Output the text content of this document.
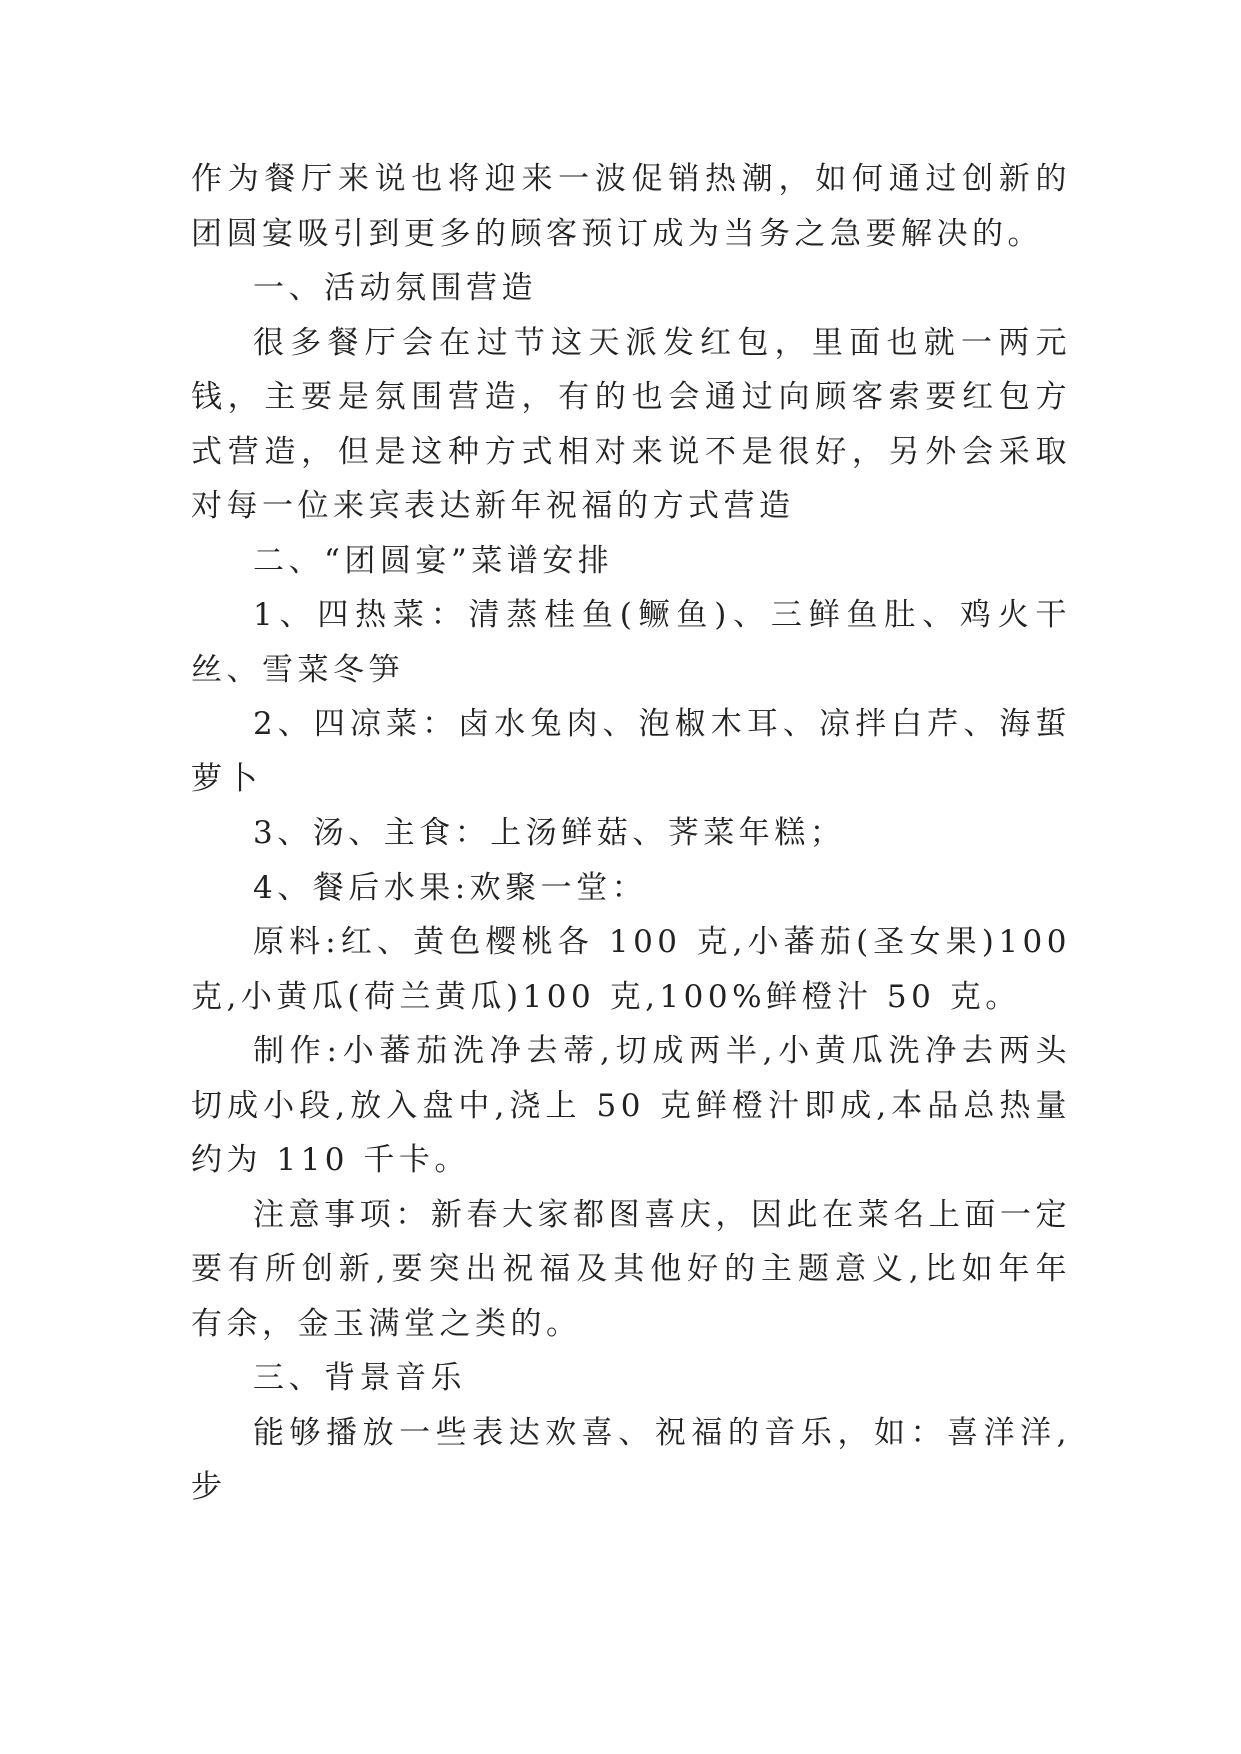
作为餐厅来说也将迎来一波促销热潮，如何通过创新的团圆宴吸引到更多的顾客预订成为当务之急要解决的。

一、活动氛围营造

很多餐厅会在过节这天派发红包，里面也就一两元钱，主要是氛围营造，有的也会通过向顾客索要红包方式营造，但是这种方式相对来说不是很好，另外会采取对每一位来宾表达新年祝福的方式营造

二、“团圆宴”菜谱安排

1、四热菜：清蒸桂鱼(鳜鱼)、三鲜鱼肚、鸡火干丝、雪菜冬笋

2、四凉菜：卤水兔肉、泡椒木耳、凉拌白芹、海蜇萝卜

3、汤、主食：上汤鲜菇、荠菜年糕；

4、餐后水果:欢聚一堂：

原料:红、黄色樱桃各 100 克,小蕃茄(圣女果)100 克,小黄瓜(荷兰黄瓜)100 克,100%鲜橙汁 50 克。

制作:小蕃茄洗净去蒂,切成两半,小黄瓜洗净去两头切成小段,放入盘中,浇上 50 克鲜橙汁即成,本品总热量约为 110 千卡。

注意事项：新春大家都图喜庆，因此在菜名上面一定要有所创新,要突出祝福及其他好的主题意义,比如年年有余，金玉满堂之类的。

三、背景音乐

能够播放一些表达欢喜、祝福的音乐，如：喜洋洋,步
